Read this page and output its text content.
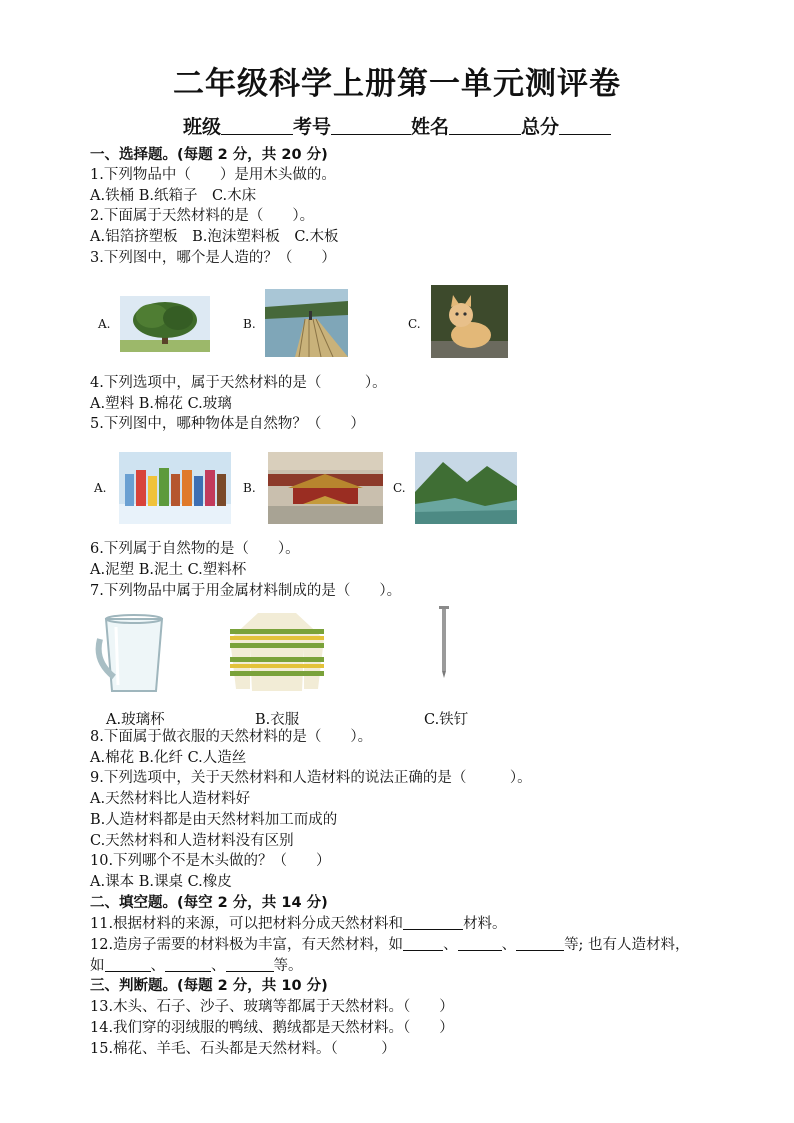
二年级科学上册第一单元测评卷
班级	考号	姓名	总分
一、选择题。(每题 2 分，共 20 分)
1.下列物品中（　　）是用木头做的。
A.铁桶 B.纸箱子　C.木床
2.下面属于天然材料的是（　　）。
A.铝箔挤塑板　B.泡沫塑料板　C.木板
3.下列图中，哪个是人造的？（　　）
A.	B.	C.
4.下列选项中，属于天然材料的是（　　　）。
A.塑料 B.棉花 C.玻璃
5.下列图中，哪种物体是自然物？（　　）
A.	B.	C.
6.下列属于自然物的是（　　）。
A.泥塑 B.泥土 C.塑料杯
7.下列物品中属于用金属材料制成的是（　　）。
A.玻璃杯	B.衣服	C.铁钉
8.下面属于做衣服的天然材料的是（　　）。
A.棉花 B.化纤 C.人造丝
9.下列选项中，关于天然材料和人造材料的说法正确的是（　　　）。
A.天然材料比人造材料好
B.人造材料都是由天然材料加工而成的
C.天然材料和人造材料没有区别
10.下列哪个不是木头做的？（　　）
A.课本 B.课桌 C.橡皮
二、填空题。(每空 2 分，共 14 分)
11.根据材料的来源，可以把材料分成天然材料和	材料。
12.造房子需要的材料极为丰富，有天然材料，如	、	、	等; 也有人造材料，
如	、	、	等。
三、判断题。(每题 2 分，共 10 分)
13.木头、石子、沙子、玻璃等都属于天然材料。（　　）
14.我们穿的羽绒服的鸭绒、鹅绒都是天然材料。（　　）
15.棉花、羊毛、石头都是天然材料。（　　　）
